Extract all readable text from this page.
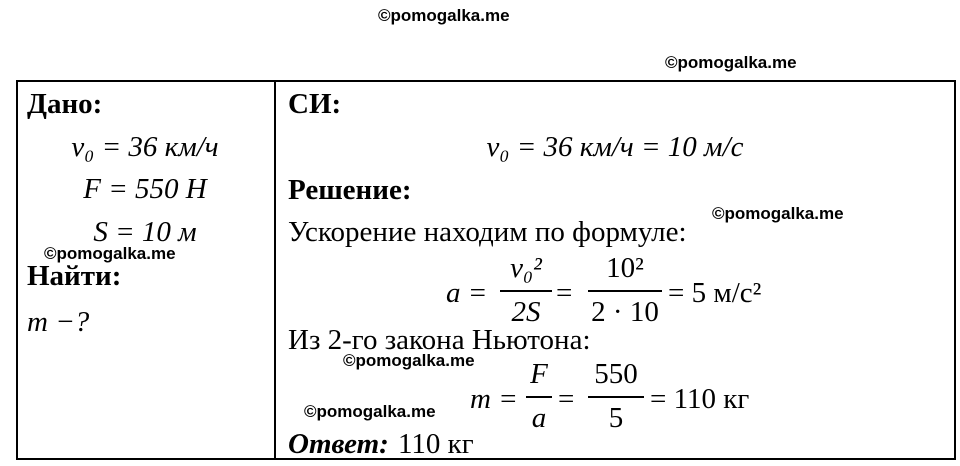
©pomogalka.me
©pomogalka.me
Дано:
v₀ = 36 км/ч
F = 550 Н
S = 10 м
©pomogalka.me
Найти:
m −?
СИ:
v₀ = 36 км/ч = 10 м/с
Решение:
©pomogalka.me
Ускорение находим по формуле:
a =
v₀²
2S
=
10²
2 · 10
= 5 м/с²
Из 2-го закона Ньютона:
©pomogalka.me
m =
F
a
=
550
5
= 110 кг
©pomogalka.me
Ответ: 110 кг
